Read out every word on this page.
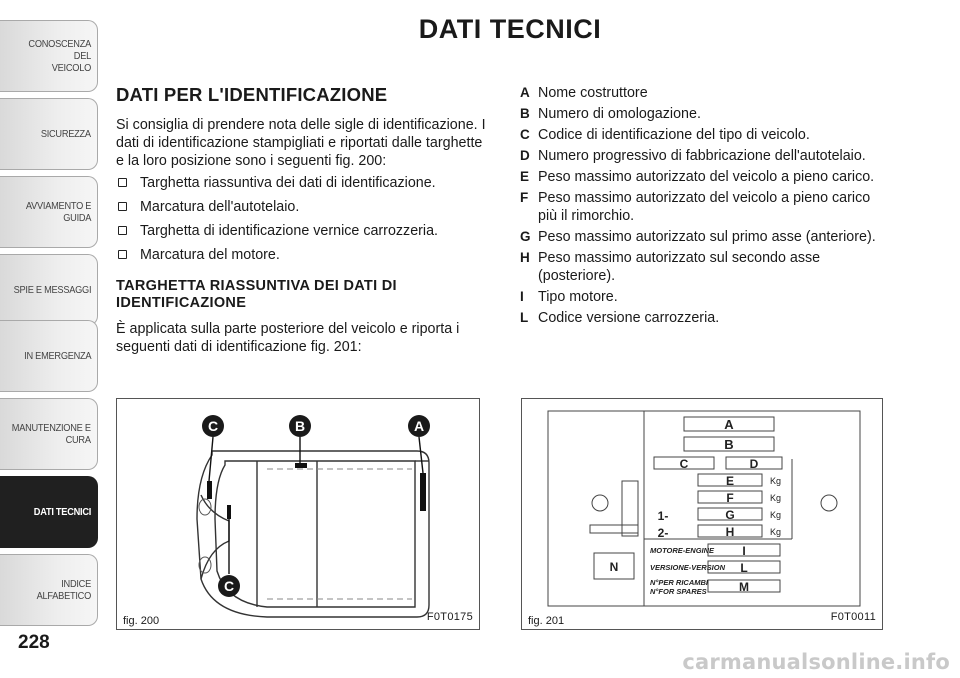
CONOSCENZA DEL
VEICOLO
SICUREZZA
AVVIAMENTO E
GUIDA
SPIE E MESSAGGI
IN EMERGENZA
MANUTENZIONE E
CURA
DATI TECNICI
INDICE ALFABETICO
228
DATI TECNICI
DATI PER L'IDENTIFICAZIONE

Si consiglia di prendere nota delle sigle di identificazione. I dati di identificazione stampigliati e riportati dalle targhette e la loro posizione sono i seguenti fig. 200:

Targhetta riassuntiva dei dati di identificazione.
Marcatura dell'autotelaio.
Targhetta di identificazione vernice carrozzeria.
Marcatura del motore.
TARGHETTA RIASSUNTIVA DEI DATI DI IDENTIFICAZIONE

È applicata sulla parte posteriore del veicolo e riporta i seguenti dati di identificazione fig. 201:

A Nome costruttore
B Numero di omologazione.
C Codice di identificazione del tipo di veicolo.
D Numero progressivo di fabbricazione dell'autotelaio.
E Peso massimo autorizzato del veicolo a pieno carico.
F Peso massimo autorizzato del veicolo a pieno carico più il rimorchio.
G Peso massimo autorizzato sul primo asse (anteriore).
H Peso massimo autorizzato sul secondo asse (posteriore).
I Tipo motore.
L Codice versione carrozzeria.
C	B	A
C
fig. 200	F0T0175
A
B
C	D
E
F
G
H
I
L
M
N
1-
2-
Kg
Kg
Kg
Kg
MOTORE-ENGINE
VERSIONE-VERSION
N°PER RICAMBI
N°FOR SPARES
fig. 201	F0T0011
carmanualsonline.info
